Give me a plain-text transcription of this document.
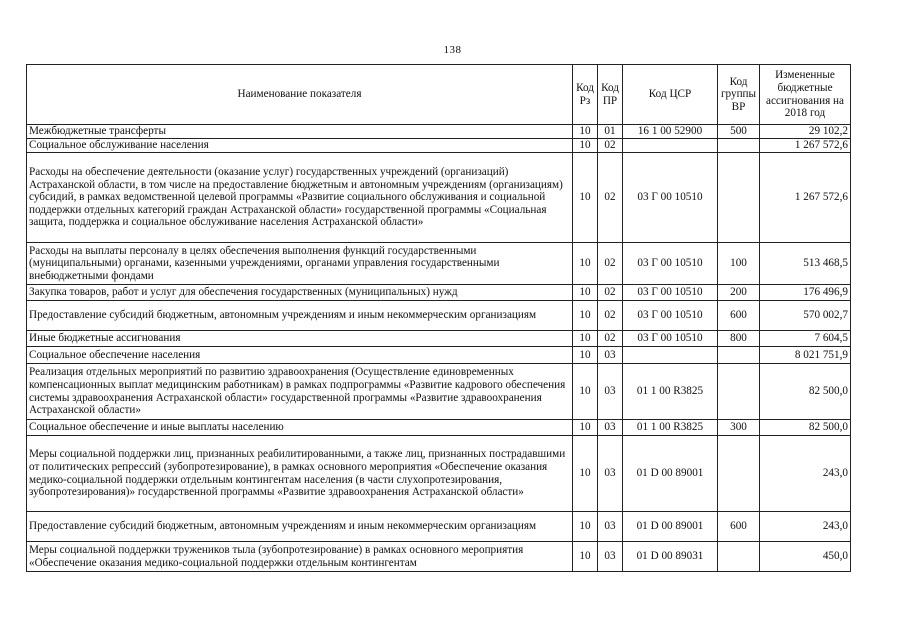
138
Наименование показателя	Код Рз	Код ПР	Код ЦСР	Код группы ВР	Измененные бюджетные ассигнования на 2018 год
Межбюджетные трансферты	10	01	16 1 00 52900	500	29 102,2
Социальное обслуживание населения	10	02			1 267 572,6
Расходы на обеспечение деятельности (оказание услуг) государственных учреждений (организаций) Астраханской области, в том числе на предоставление бюджетным и автономным учреждениям (организациям) субсидий, в рамках ведомственной целевой программы «Развитие социального обслуживания и социальной поддержки отдельных категорий граждан Астраханской области» государственной программы «Социальная защита, поддержка и социальное обслуживание населения Астраханской области»	10	02	03 Г 00 10510		1 267 572,6
Расходы на выплаты персоналу в целях обеспечения выполнения функций государственными (муниципальными) органами, казенными учреждениями, органами управления государственными внебюджетными фондами	10	02	03 Г 00 10510	100	513 468,5
Закупка товаров, работ и услуг для обеспечения государственных (муниципальных) нужд	10	02	03 Г 00 10510	200	176 496,9
Предоставление субсидий бюджетным, автономным учреждениям и иным некоммерческим организациям	10	02	03 Г 00 10510	600	570 002,7
Иные бюджетные ассигнования	10	02	03 Г 00 10510	800	7 604,5
Социальное обеспечение населения	10	03			8 021 751,9
Реализация отдельных мероприятий по развитию здравоохранения (Осуществление единовременных компенсационных выплат медицинским работникам) в рамках подпрограммы «Развитие кадрового обеспечения системы здравоохранения Астраханской области» государственной программы «Развитие здравоохранения Астраханской области»	10	03	01 1 00 R3825		82 500,0
Социальное обеспечение и иные выплаты населению	10	03	01 1 00 R3825	300	82 500,0
Меры социальной поддержки лиц, признанных реабилитированными, а также лиц, признанных пострадавшими от политических репрессий (зубопротезирование), в рамках основного мероприятия «Обеспечение оказания медико-социальной поддержки отдельным контингентам населения (в части слухопротезирования, зубопротезирования)» государственной программы «Развитие здравоохранения Астраханской области»	10	03	01 D 00 89001		243,0
Предоставление субсидий бюджетным, автономным учреждениям и иным некоммерческим организациям	10	03	01 D 00 89001	600	243,0
Меры социальной поддержки тружеников тыла (зубопротезирование) в рамках основного мероприятия «Обеспечение оказания медико-социальной поддержки отдельным контингентам	10	03	01 D 00 89031		450,0
